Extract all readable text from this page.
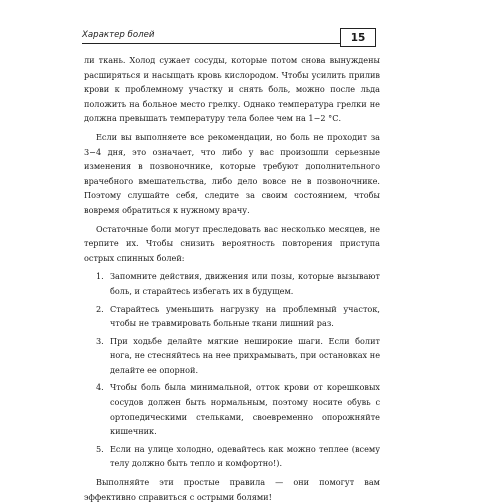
Характер болей	15

ли ткань. Холод сужает сосуды, которые потом снова вынуждены расширяться и насыщать кровь кислородом. Чтобы усилить прилив крови к проблемному участку и снять боль, можно после льда положить на больное место грелку. Однако температура грелки не должна превышать температуру тела более чем на 1−2 °С.

Если вы выполняете все рекомендации, но боль не проходит за 3−4 дня, это означает, что либо у вас произошли серьезные изменения в позвоночнике, которые требуют дополнительного врачебного вмешательства, либо дело вовсе не в позвоночнике. Поэтому слушайте себя, следите за своим состоянием, чтобы вовремя обратиться к нужному врачу.

Остаточные боли могут преследовать вас несколько месяцев, не терпите их. Чтобы снизить вероятность повторения приступа острых спинных болей:

1. Запомните действия, движения или позы, которые вызывают боль, и старайтесь избегать их в будущем.
2. Старайтесь уменьшить нагрузку на проблемный участок, чтобы не травмировать больные ткани лишний раз.
3. При ходьбе делайте мягкие неширокие шаги. Если болит нога, не стесняйтесь на нее прихрамывать, при остановках не делайте ее опорной.
4. Чтобы боль была минимальной, отток крови от корешковых сосудов должен быть нормальным, поэтому носите обувь с ортопедическими стельками, своевременно опорожняйте кишечник.
5. Если на улице холодно, одевайтесь как можно теплее (всему телу должно быть тепло и комфортно!).

Выполняйте эти простые правила — они помогут вам эффективно справиться с острыми болями!
